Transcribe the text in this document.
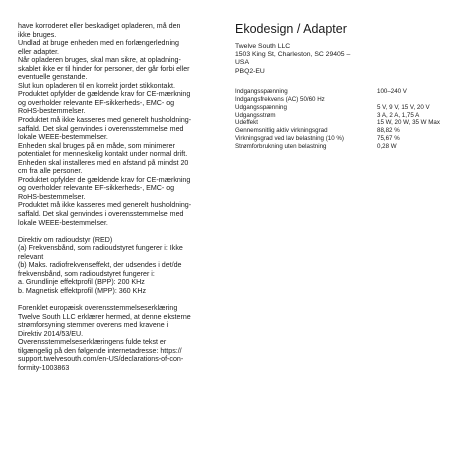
have korroderet eller beskadiget opladeren, må den
ikke bruges.
Undlad at bruge enheden med en forlængerledning
eller adapter.
Når opladeren bruges, skal man sikre, at opladning-
skablet ikke er til hinder for personer, der går forbi eller
eventuelle genstande.
Slut kun opladeren til en korrekt jordet stikkontakt.
Produktet opfylder de gældende krav for CE-mærkning
og overholder relevante EF-sikkerheds-, EMC- og
RoHS-bestemmelser.
Produktet må ikke kasseres med generelt husholdning-
saffald. Det skal genvindes i overensstemmelse med
lokale WEEE-bestemmelser.
Enheden skal bruges på en måde, som minimerer
potentialet for menneskelig kontakt under normal drift.
Enheden skal installeres med en afstand på mindst 20
cm fra alle personer.
Produktet opfylder de gældende krav for CE-mærkning
og overholder relevante EF-sikkerheds-, EMC- og
RoHS-bestemmelser.
Produktet må ikke kasseres med generelt husholdning-
saffald. Det skal genvindes i overensstemmelse med
lokale WEEE-bestemmelser.

Direktiv om radioudstyr (RED)
(a) Frekvensbånd, som radioudstyret fungerer i: Ikke
relevant
(b) Maks. radiofrekvenseffekt, der udsendes i det/de
frekvensbånd, som radioudstyret fungerer i:
a. Grundlinje effektprofil (BPP): 200 KHz
b. Magnetisk effektprofil (MPP): 360 KHz

Forenklet europæisk overensstemmelseserklæring
Twelve South LLC erklærer hermed, at denne eksterne
strømforsyning stemmer overens med kravene i
Direktiv 2014/53/EU.
Overensstemmelseserklæringens fulde tekst er
tilgængelig på den følgende internetadresse: https://
support.twelvesouth.com/en-US/declarations-of-con-
formity-1003863

Ekodesign / Adapter
Twelve South LLC
1503 King St, Charleston, SC 29405 –
USA
PBQ2-EU
Indgangsspænning	100–240 V
Indgangsfrekvens (AC) 50/60 Hz	
Udgangsspænning	5 V, 9 V, 15 V, 20 V
Udgangsstrøm	3 A, 2 A, 1,75 A
Udeffekt	15 W, 20 W, 35 W Max
Gennemsnitlig aktiv virkningsgrad	88,82 %
Virkningsgrad ved lav belastning (10 %)	75,67 %
Strømforbrukning uten belastning	0,28 W
